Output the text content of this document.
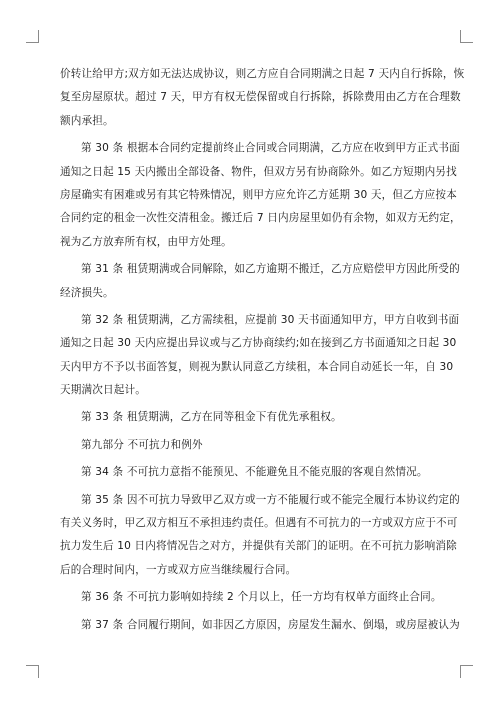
价转让给甲方;双方如无法达成协议，则乙方应自合同期满之日起 7 天内自行拆除，恢
复至房屋原状。超过 7 天，甲方有权无偿保留或自行拆除，拆除费用由乙方在合理数
额内承担。
第 30 条 根据本合同约定提前终止合同或合同期满，乙方应在收到甲方正式书面
通知之日起 15 天内搬出全部设备、物件，但双方另有协商除外。如乙方短期内另找
房屋确实有困难或另有其它特殊情况，则甲方应允许乙方延期 30 天，但乙方应按本
合同约定的租金一次性交清租金。搬迁后 7 日内房屋里如仍有余物，如双方无约定，
视为乙方放弃所有权，由甲方处理。
第 31 条 租赁期满或合同解除，如乙方逾期不搬迁，乙方应赔偿甲方因此所受的
经济损失。
第 32 条 租赁期满，乙方需续租，应提前 30 天书面通知甲方，甲方自收到书面
通知之日起 30 天内应提出异议或与乙方协商续约;如在接到乙方书面通知之日起 30
天内甲方不予以书面答复，则视为默认同意乙方续租，本合同自动延长一年，自 30
天期满次日起计。
第 33 条 租赁期满，乙方在同等租金下有优先承租权。
第九部分 不可抗力和例外
第 34 条 不可抗力意指不能预见、不能避免且不能克服的客观自然情况。
第 35 条 因不可抗力导致甲乙双方或一方不能履行或不能完全履行本协议约定的
有关义务时，甲乙双方相互不承担违约责任。但遇有不可抗力的一方或双方应于不可
抗力发生后 10 日内将情况告之对方，并提供有关部门的证明。在不可抗力影响消除
后的合理时间内，一方或双方应当继续履行合同。
第 36 条 不可抗力影响如持续 2 个月以上，任一方均有权单方面终止合同。
第 37 条 合同履行期间，如非因乙方原因，房屋发生漏水、倒塌，或房屋被认为
